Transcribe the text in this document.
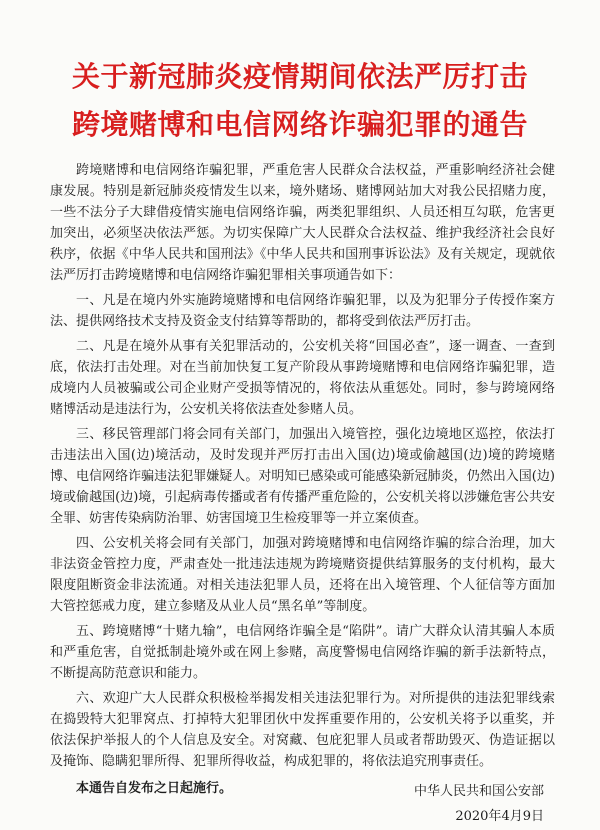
关于新冠肺炎疫情期间依法严厉打击
跨境赌博和电信网络诈骗犯罪的通告

跨境赌博和电信网络诈骗犯罪，严重危害人民群众合法权益，严重影响经济社会健康发展。特别是新冠肺炎疫情发生以来，境外赌场、赌博网站加大对我公民招赌力度，一些不法分子大肆借疫情实施电信网络诈骗，两类犯罪组织、人员还相互勾联，危害更加突出，必须坚决依法严惩。为切实保障广大人民群众合法权益、维护我经济社会良好秩序，依据《中华人民共和国刑法》《中华人民共和国刑事诉讼法》及有关规定，现就依法严厉打击跨境赌博和电信网络诈骗犯罪相关事项通告如下：

一、凡是在境内外实施跨境赌博和电信网络诈骗犯罪，以及为犯罪分子传授作案方法、提供网络技术支持及资金支付结算等帮助的，都将受到依法严厉打击。

二、凡是在境外从事有关犯罪活动的，公安机关将“回国必查”，逐一调查、一查到底，依法打击处理。对在当前加快复工复产阶段从事跨境赌博和电信网络诈骗犯罪，造成境内人员被骗或公司企业财产受损等情况的，将依法从重惩处。同时，参与跨境网络赌博活动是违法行为，公安机关将依法查处参赌人员。

三、移民管理部门将会同有关部门，加强出入境管控，强化边境地区巡控，依法打击违法出入国(边)境活动，及时发现并严厉打击出入国(边)境或偷越国(边)境的跨境赌博、电信网络诈骗违法犯罪嫌疑人。对明知已感染或可能感染新冠肺炎，仍然出入国(边)境或偷越国(边)境，引起病毒传播或者有传播严重危险的，公安机关将以涉嫌危害公共安全罪、妨害传染病防治罪、妨害国境卫生检疫罪等一并立案侦查。

四、公安机关将会同有关部门，加强对跨境赌博和电信网络诈骗的综合治理，加大非法资金管控力度，严肃查处一批违法违规为跨境赌资提供结算服务的支付机构，最大限度阻断资金非法流通。对相关违法犯罪人员，还将在出入境管理、个人征信等方面加大管控惩戒力度，建立参赌及从业人员“黑名单”等制度。

五、跨境赌博“十赌九输”，电信网络诈骗全是“陷阱”。请广大群众认清其骗人本质和严重危害，自觉抵制赴境外或在网上参赌，高度警惕电信网络诈骗的新手法新特点，不断提高防范意识和能力。

六、欢迎广大人民群众积极检举揭发相关违法犯罪行为。对所提供的违法犯罪线索在捣毁特大犯罪窝点、打掉特大犯罪团伙中发挥重要作用的，公安机关将予以重奖，并依法保护举报人的个人信息及安全。对窝藏、包庇犯罪人员或者帮助毁灭、伪造证据以及掩饰、隐瞒犯罪所得、犯罪所得收益，构成犯罪的，将依法追究刑事责任。

本通告自发布之日起施行。	中华人民共和国公安部
2020年4月9日
